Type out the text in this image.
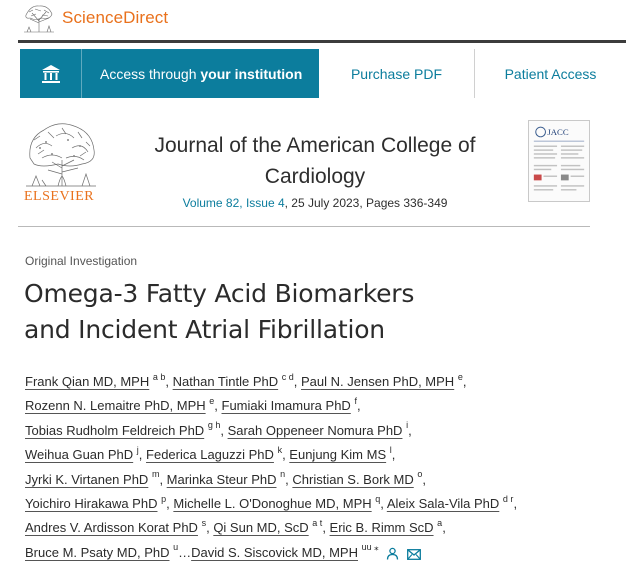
ScienceDirect
Access through your institution	Purchase PDF	Patient Access
ELSEVIER
Journal of the American College of Cardiology
Volume 82, Issue 4, 25 July 2023, Pages 336-349
JACC
Original Investigation
Omega-3 Fatty Acid Biomarkers
and Incident Atrial Fibrillation
Frank Qian MD, MPH $^{a b}$, Nathan Tintle PhD $^{c d}$, Paul N. Jensen PhD, MPH $^e$,
Rozenn N. Lemaitre PhD, MPH $^e$, Fumiaki Imamura PhD $^f$,
Tobias Rudholm Feldreich PhD $^{g h}$, Sarah Oppeneer Nomura PhD $^i$,
Weihua Guan PhD $^j$, Federica Laguzzi PhD $^k$, Eunjung Kim MS $^l$,
Jyrki K. Virtanen PhD $^m$, Marinka Steur PhD $^n$, Christian S. Bork MD $^o$,
Yoichiro Hirakawa PhD $^p$, Michelle L. O'Donoghue MD, MPH $^q$, Aleix Sala-Vila PhD $^{d r}$,
Andres V. Ardisson Korat PhD $^s$, Qi Sun MD, ScD $^{a t}$, Eric B. Rimm ScD $^a$,
Bruce M. Psaty MD, PhD $^u$…David S. Siscovick MD, MPH $^{uu ⁎}$
